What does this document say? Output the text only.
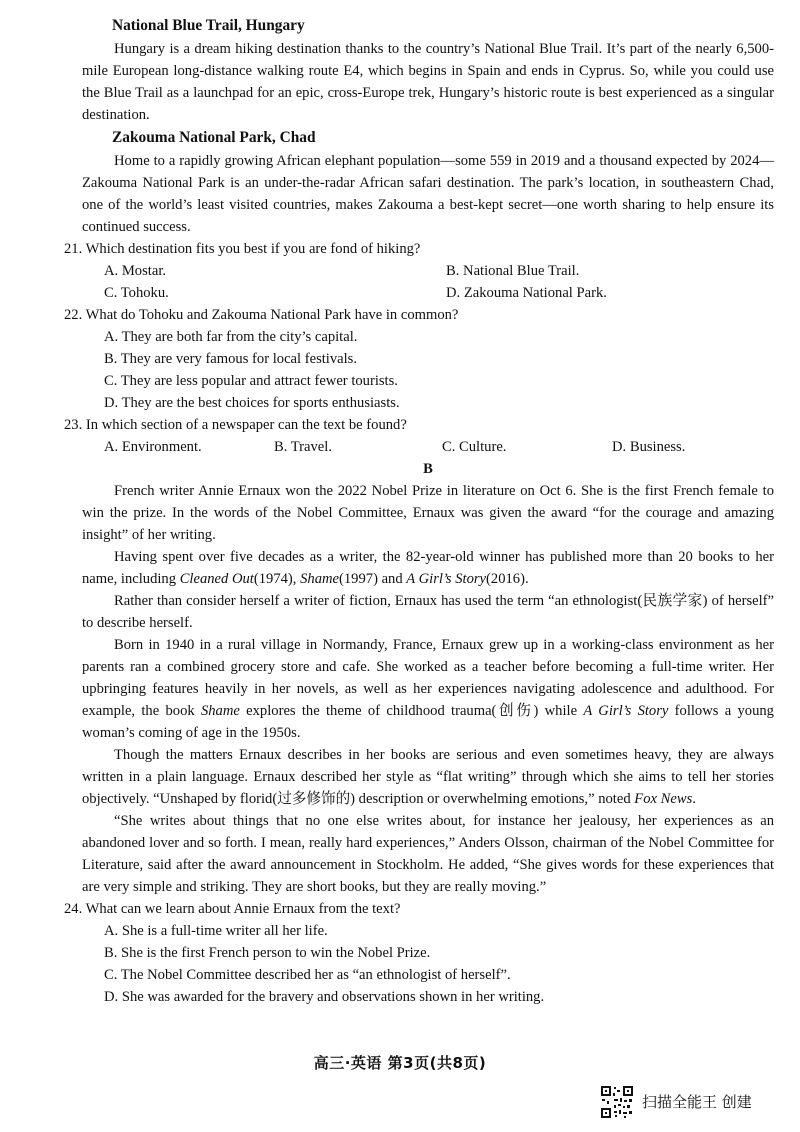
National Blue Trail, Hungary

Hungary is a dream hiking destination thanks to the country’s National Blue Trail. It’s part of the nearly 6,500-mile European long-distance walking route E4, which begins in Spain and ends in Cyprus. So, while you could use the Blue Trail as a launchpad for an epic, cross-Europe trek, Hungary’s historic route is best experienced as a singular destination.

Zakouma National Park, Chad

Home to a rapidly growing African elephant population—some 559 in 2019 and a thousand expected by 2024—Zakouma National Park is an under-the-radar African safari destination. The park’s location, in southeastern Chad, one of the world’s least visited countries, makes Zakouma a best-kept secret—one worth sharing to help ensure its continued success.

21. Which destination fits you best if you are fond of hiking?

A. Mostar.	B. National Blue Trail.
C. Tohoku.	D. Zakouma National Park.

22. What do Tohoku and Zakouma National Park have in common?

A. They are both far from the city’s capital.

B. They are very famous for local festivals.

C. They are less popular and attract fewer tourists.

D. They are the best choices for sports enthusiasts.

23. In which section of a newspaper can the text be found?

A. Environment.	B. Travel.	C. Culture.	D. Business.

B

French writer Annie Ernaux won the 2022 Nobel Prize in literature on Oct 6. She is the first French female to win the prize. In the words of the Nobel Committee, Ernaux was given the award “for the courage and amazing insight” of her writing.

Having spent over five decades as a writer, the 82-year-old winner has published more than 20 books to her name, including Cleaned Out(1974), Shame(1997) and A Girl’s Story(2016).

Rather than consider herself a writer of fiction, Ernaux has used the term “an ethnologist(民族学家) of herself” to describe herself.

Born in 1940 in a rural village in Normandy, France, Ernaux grew up in a working-class environment as her parents ran a combined grocery store and cafe. She worked as a teacher before becoming a full-time writer. Her upbringing features heavily in her novels, as well as her experiences navigating adolescence and adulthood. For example, the book Shame explores the theme of childhood trauma(创伤) while A Girl’s Story follows a young woman’s coming of age in the 1950s.

Though the matters Ernaux describes in her books are serious and even sometimes heavy, they are always written in a plain language. Ernaux described her style as “flat writing” through which she aims to tell her stories objectively. “Unshaped by florid(过多修饰的) description or overwhelming emotions,” noted Fox News.

“She writes about things that no one else writes about, for instance her jealousy, her experiences as an abandoned lover and so forth. I mean, really hard experiences,” Anders Olsson, chairman of the Nobel Committee for Literature, said after the award announcement in Stockholm. He added, “She gives words for these experiences that are very simple and striking. They are short books, but they are really moving.”

24. What can we learn about Annie Ernaux from the text?

A. She is a full-time writer all her life.

B. She is the first French person to win the Nobel Prize.

C. The Nobel Committee described her as “an ethnologist of herself”.

D. She was awarded for the bravery and observations shown in her writing.

高三·英语 第3页(共8页)
扫描全能王 创建
